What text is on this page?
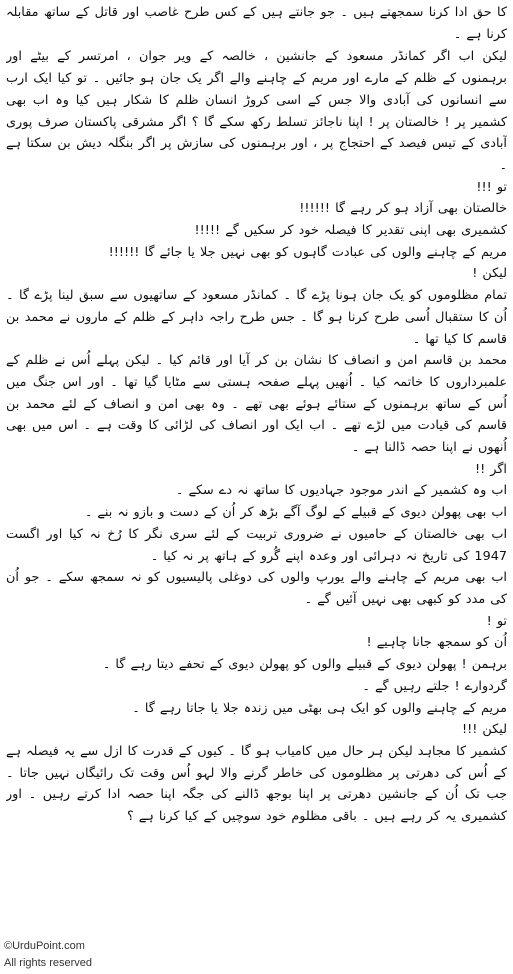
کا حق ادا کرنا سمجھتے ہیں ۔ جو جانتے ہیں کے کس طرح غاصب اور قاتل کے ساتھ مقابلہ کرنا ہے ۔

لیکن اب اگر کمانڈر مسعود کے جانشین ، خالصہ کے ویر جوان ، امرتسر کے بیٹے اور برہمنوں کے ظلم کے مارے اور مریم کے چاہنے والے اگر یک جان ہو جائیں ۔ تو کیا ایک ارب سے انسانوں کی آبادی والا جس کے اسی کروڑ انسان ظلم کا شکار ہیں کیا وہ اب بھی کشمیر پر ! خالصتان پر ! اپنا ناجائز تسلط رکھ سکے گا ؟ اگر مشرقی پاکستان صرف پوری آبادی کے تیس فیصد کے احتجاج پر ، اور برہمنوں کی سازش پر اگر بنگلہ دیش بن سکتا ہے ۔

تو !!!

خالصتان بھی آزاد ہو کر رہے گا !!!!!!

کشمیری بھی اپنی تقدیر کا فیصلہ خود کر سکیں گے !!!!!

مریم کے چاہنے والوں کی عبادت گاہوں کو بھی نہیں جلا یا جائے گا !!!!!!

لیکن !

تمام مظلوموں کو یک جان ہونا پڑے گا ۔ کمانڈر مسعود کے ساتھیوں سے سبق لینا پڑے گا ۔ اُن کا ستقبال اُسی طرح کرنا ہو گا ۔ جس طرح راجہ داہر کے ظلم کے ماروں نے محمد بن قاسم کا کیا تھا ۔

محمد بن قاسم امن و انصاف کا نشان بن کر آیا اور قائم کیا ۔ لیکن پہلے اُس نے ظلم کے علمبرداروں کا خاتمہ کیا ۔ اُنھیں پہلے صفحہ ہستی سے مٹایا گیا تھا ۔ اور اس جنگ میں اُس کے ساتھ برہمنوں کے ستائے ہوئے بھی تھے ۔ وہ بھی امن و انصاف کے لئے محمد بن قاسم کی قیادت میں لڑے تھے ۔ اب ایک اور انصاف کی لڑائی کا وقت ہے ۔ اس میں بھی اُنھوں نے اپنا حصہ ڈالنا ہے ۔

اگر !!

اب وہ کشمیر کے اندر موجود جہادیوں کا ساتھ نہ دے سکے ۔

اب بھی پھولن دیوی کے قبیلے کے لوگ آگے بڑھ کر اُن کے دست و بازو نہ بنے ۔

اب بھی خالصتان کے حامیوں نے ضروری تربیت کے لئے سری نگر کا رُخ نہ کیا اور اگست 1947 کی تاریخ نہ دہرائی اور وعدہ اپنے گُرو کے ہاتھ پر نہ کیا ۔

اب بھی مریم کے چاہنے والے یورپ والوں کی دوغلی پالیسیوں کو نہ سمجھ سکے ۔ جو اُن کی مدد کو کبھی بھی نہیں آئیں گے ۔

تو !

اُن کو سمجھ جانا چاہیے !

برہمن ! پھولن دیوی کے قبیلے والوں کو پھولن دیوی کے تحفے دیتا رہے گا ۔

گردوارے ! جلتے رہیں گے ۔

مریم کے چاہنے والوں کو ایک ہی بھٹی میں زندہ جلا یا جاتا رہے گا ۔

لیکن !!!

کشمیر کا مجاہد لیکن ہر حال میں کامیاب ہو گا ۔ کیوں کے قدرت کا ازل سے یہ فیصلہ ہے کے اُس کی دھرتی پر مظلوموں کی خاطر گرنے والا لہو اُس وقت تک رائیگاں نہیں جاتا ۔ جب تک اُن کے جانشین دھرتی پر اپنا بوجھ ڈالنے کی جگہ اپنا حصہ ادا کرتے رہیں ۔ اور کشمیری یہ کر رہے ہیں ۔ باقی مظلوم خود سوچیں کے کیا کرنا ہے ؟

©UrduPoint.com
All rights reserved
